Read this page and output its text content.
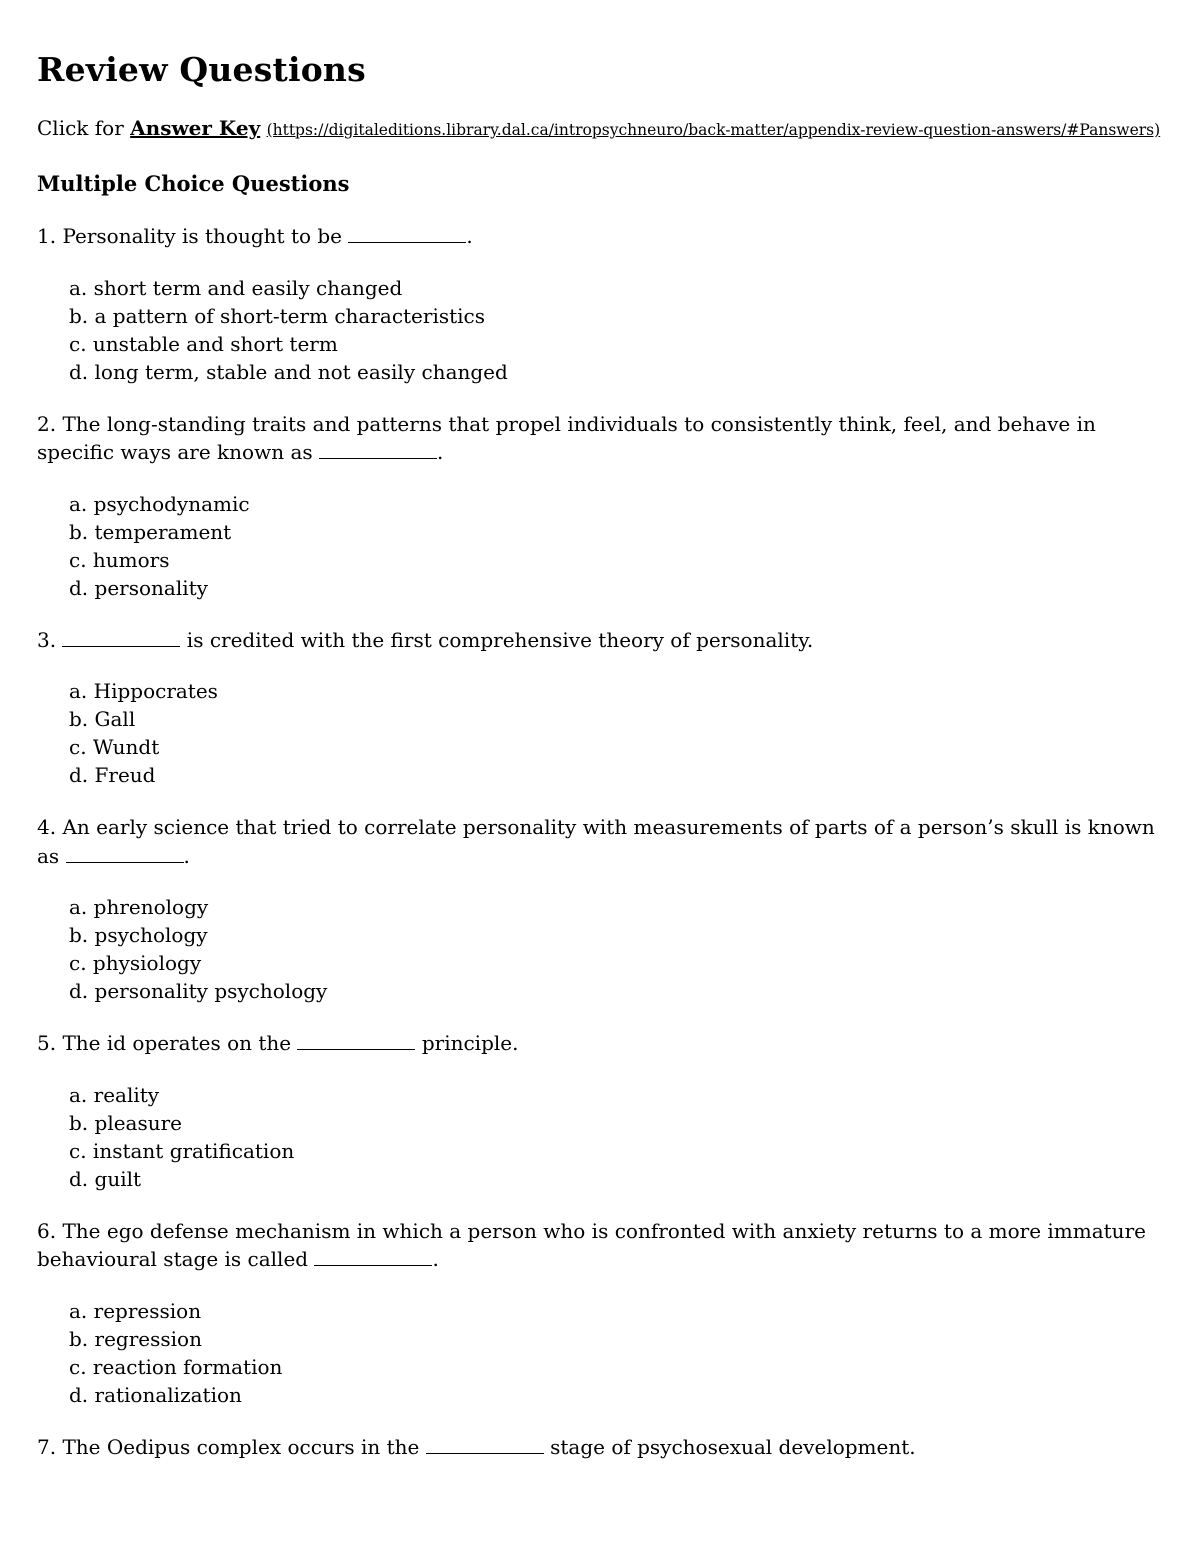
Review Questions
Click for Answer Key (https://digitaleditions.library.dal.ca/intropsychneuro/back-matter/appendix-review-question-answers/#Panswers)
Multiple Choice Questions

1. Personality is thought to be	.

a. short term and easily changed
b. a pattern of short-term characteristics
c. unstable and short term
d. long term, stable and not easily changed

2. The long-standing traits and patterns that propel individuals to consistently think, feel, and behave in specific ways are known as	.

a. psychodynamic
b. temperament
c. humors
d. personality

3.	is credited with the first comprehensive theory of personality.

a. Hippocrates
b. Gall
c. Wundt
d. Freud

4. An early science that tried to correlate personality with measurements of parts of a person’s skull is known as	.

a. phrenology
b. psychology
c. physiology
d. personality psychology

5. The id operates on the	principle.

a. reality
b. pleasure
c. instant gratification
d. guilt

6. The ego defense mechanism in which a person who is confronted with anxiety returns to a more immature behavioural stage is called	.

a. repression
b. regression
c. reaction formation
d. rationalization

7. The Oedipus complex occurs in the	stage of psychosexual development.
